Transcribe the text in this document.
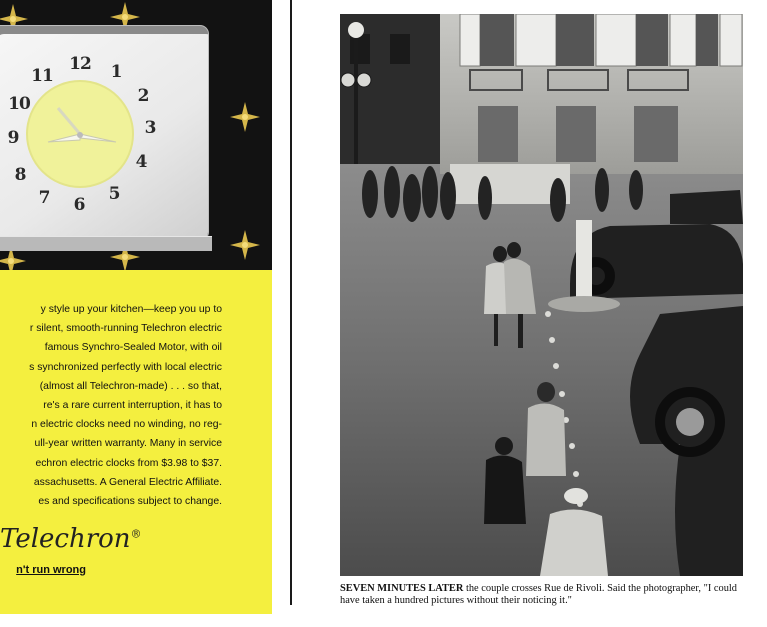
12 1
2
3
4
5
6
7
8
9
10
11
y style up your kitchen—keep you up to
r silent, smooth-running Telechron electric
famous Synchro-Sealed Motor, with oil
s synchronized perfectly with local electric
(almost all Telechron-made) . . . so that,
re's a rare current interruption, it has to
n electric clocks need no winding, no reg-
ull-year written warranty. Many in service
echron electric clocks from $3.98 to $37.
assachusetts. A General Electric Affiliate.
es and specifications subject to change.
Telechron®
n't run wrong
SEVEN MINUTES LATER the couple crosses Rue de Rivoli. Said the photographer, "I could have taken a hundred pictures without their noticing it."
